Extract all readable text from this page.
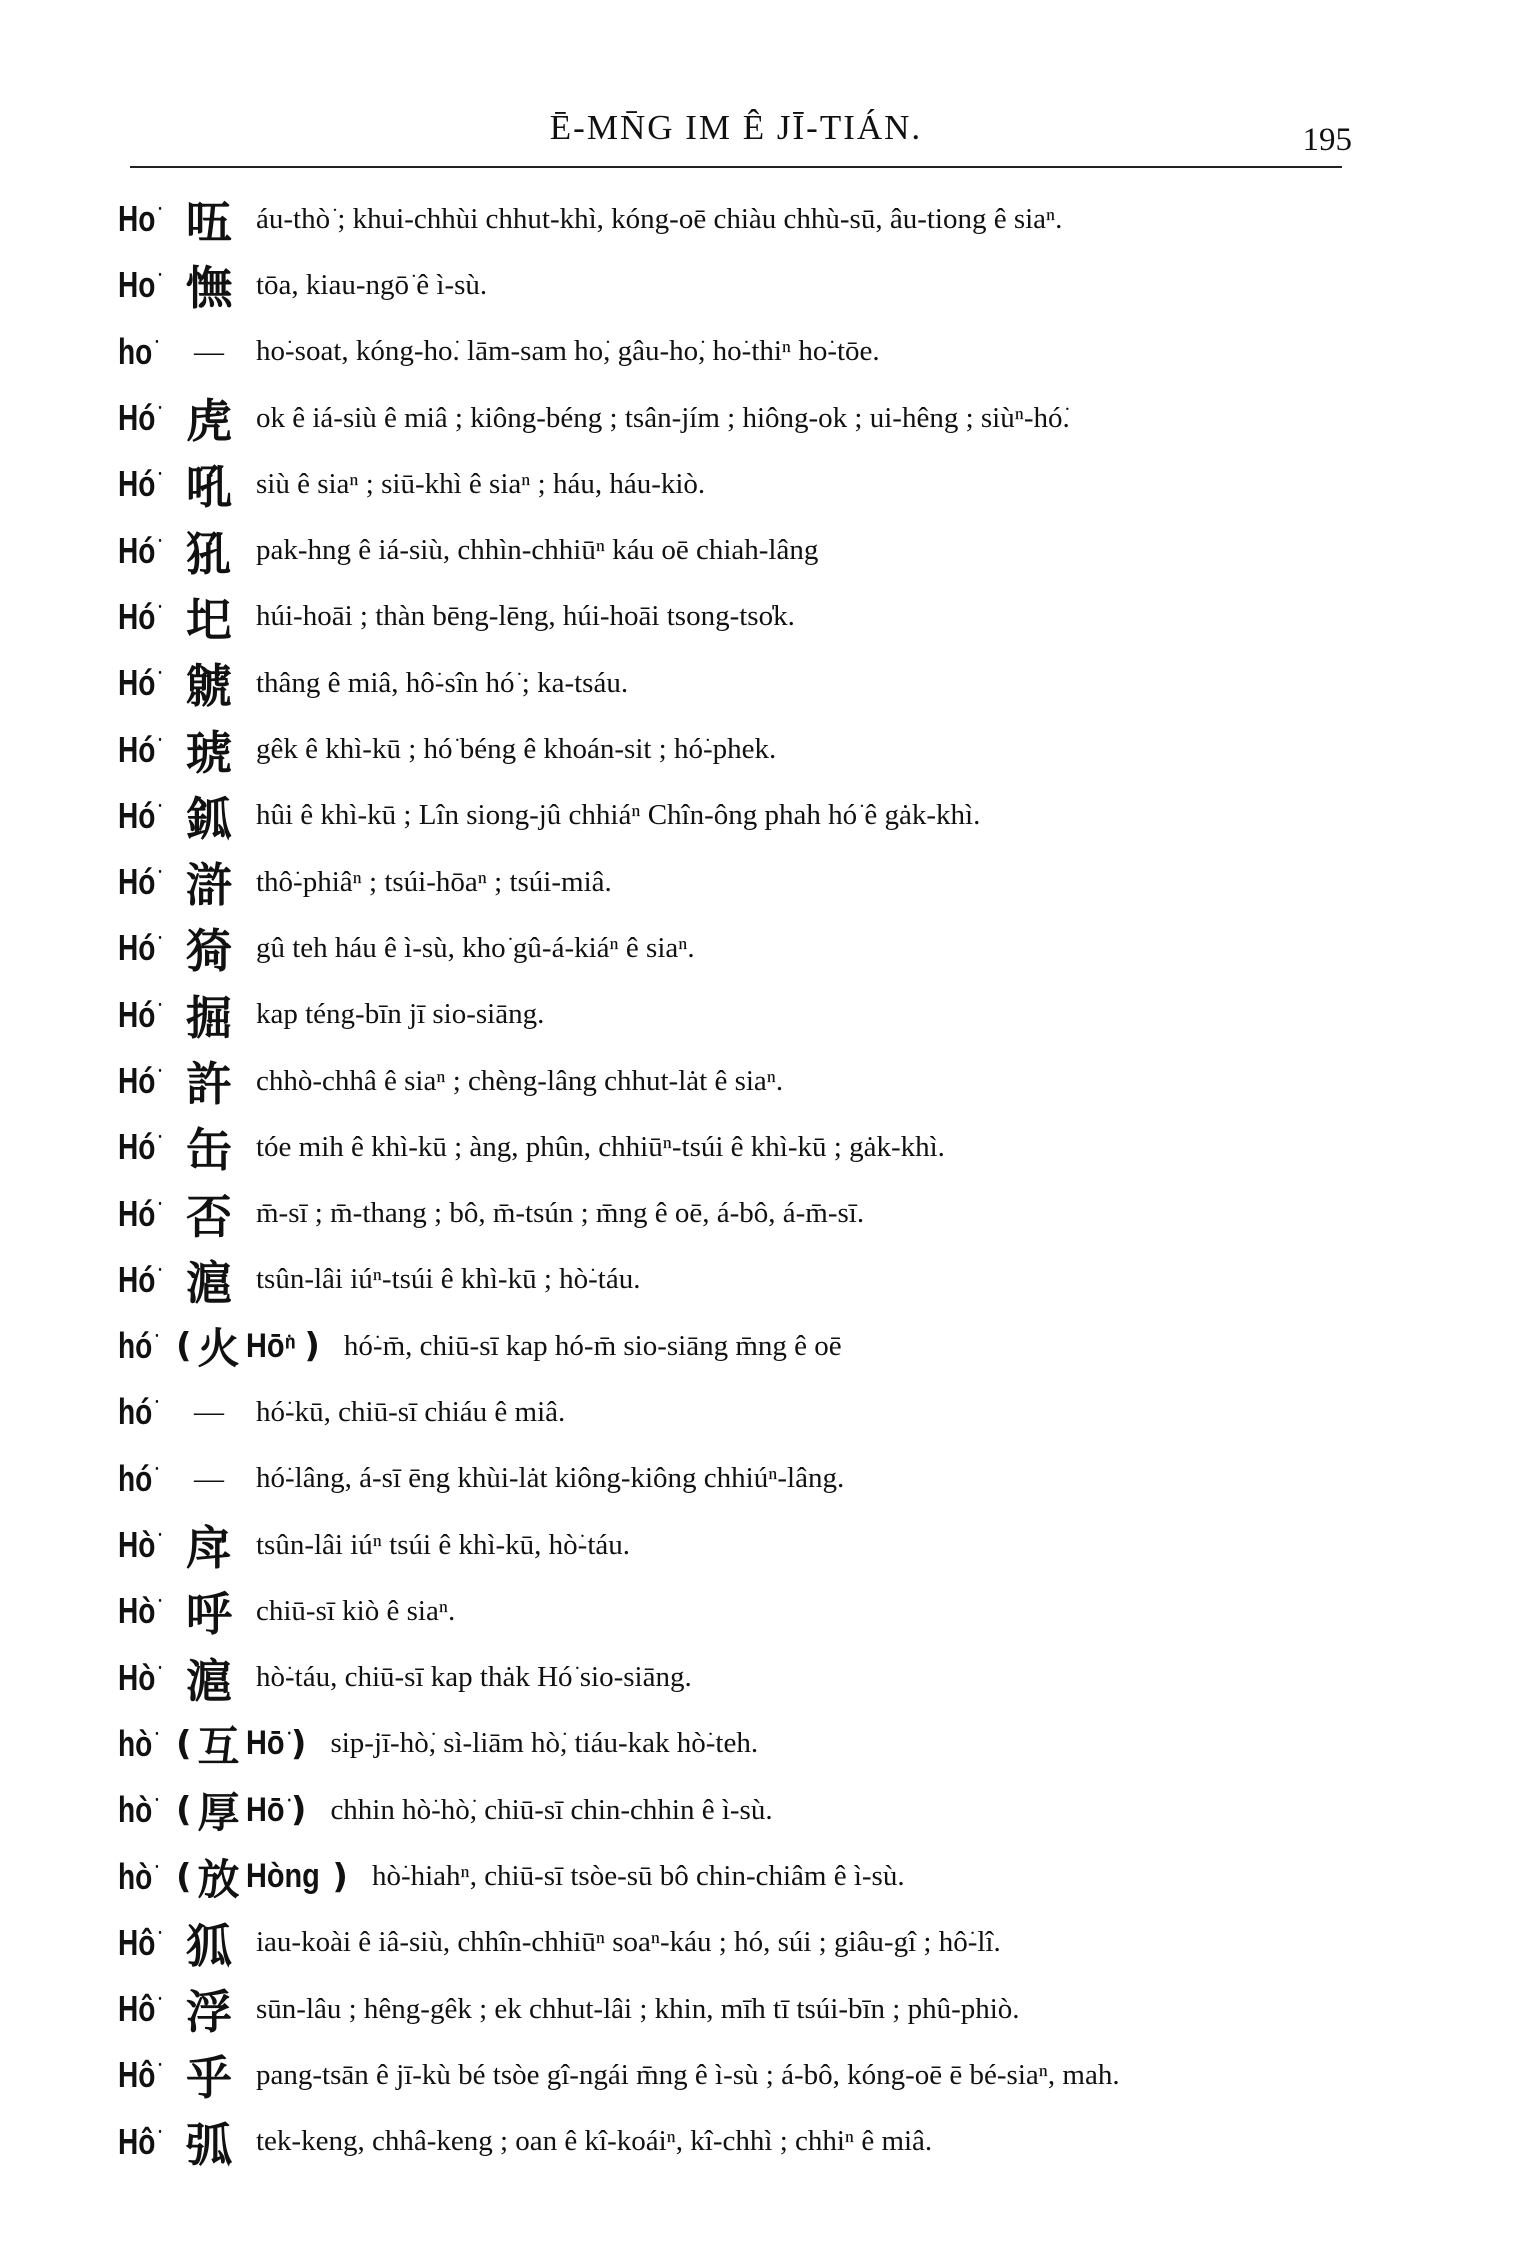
Ē-MN̄G IM Ê JĪ-TIÁN.	195
Ho͘ 㕶 áu-thò͘ ; khui-chhùi chhut-khì, kóng-oē chiàu chhù-sū, âu-tiong ê siaⁿ.
Ho͘ 憮 tōa, kiau-ngō͘ ê ì-sù.
ho͘	—	ho͘-soat, kóng-ho͘. lām-sam ho͘, gâu-ho͘, ho͘-thiⁿ ho͘-tōe.
Hó͘ 虎 ok ê iá-siù ê miâ ; kiông-béng ; tsân-jím ; hiông-ok ; ui-hêng ; siùⁿ-hó͘.
Hó͘ 吼 siù ê siaⁿ ; siū-khì ê siaⁿ ; háu, háu-kiò.
Hó͘ 犼 pak-hng ê iá-siù, chhìn-chhiūⁿ káu oē chiah-lâng
Hó͘ 圯 húi-hoāi ; thàn bēng-lēng, húi-hoāi tsong-tso̍k.
Hó͘ 虩 thâng ê miâ, hô͘-sîn hó͘ ; ka-tsáu.
Hó͘ 琥 gêk ê khì-kū ; hó͘ béng ê khoán-sit ; hó͘-phek.
Hó͘ 鈲 hûi ê khì-kū ; Lîn siong-jû chhiáⁿ Chîn-ông phah hó͘ ê gȧk-khì.
Hó͘ 滸 thô͘-phiâⁿ ; tsúi-hōaⁿ ; tsúi-miâ.
Hó͘ 猗 gû teh háu ê ì-sù, kho͘ gû-á-kiáⁿ ê siaⁿ.
Hó͘ 掘 kap téng-bīn jī sio-siāng.
Hó͘ 許 chhò-chhâ ê siaⁿ ; chèng-lâng chhut-lȧt ê siaⁿ.
Hó͘ 缶 tóe mih ê khì-kū ; àng, phûn, chhiūⁿ-tsúi ê khì-kū ; gȧk-khì.
Hó͘ 否 m̄-sī ; m̄-thang ; bô, m̄-tsún ; m̄ng ê oē, á-bô, á-m̄-sī.
Hó͘ 滬 tsûn-lâi iúⁿ-tsúi ê khì-kū ; hò͘-táu.
hó͘ ( 火 Hō͘ⁿ ) hó͘-m̄, chiū-sī kap hó-m̄ sio-siāng m̄ng ê oē
hó͘	—	hó͘-kū, chiū-sī chiáu ê miâ.
hó͘	—	hó͘-lâng, á-sī ēng khùi-lȧt kiông-kiông chhiúⁿ-lâng.
Hò͘ 戽 tsûn-lâi iúⁿ tsúi ê khì-kū, hò͘-táu.
Hò͘ 呼 chiū-sī kiò ê siaⁿ.
Hò͘ 滬 hò͘-táu, chiū-sī kap thȧk Hó͘ sio-siāng.
hò͘ ( 互 Hō͘ ) sip-jī-hò͘, sì-liām hò͘, tiáu-kak hò͘-teh.
hò͘ ( 厚 Hō͘ ) chhin hò͘-hò͘, chiū-sī chin-chhin ê ì-sù.
hò͘ ( 放 Hòng ) hò͘-hiahⁿ, chiū-sī tsòe-sū bô chin-chiâm ê ì-sù.
Hô͘ 狐 iau-koài ê iâ-siù, chhîn-chhiūⁿ soaⁿ-káu ; hó, súi ; giâu-gî ; hô͘-lî.
Hô͘ 浮 sūn-lâu ; hêng-gêk ; ek chhut-lâi ; khin, mīh tī tsúi-bīn ; phû-phiò.
Hô͘ 乎 pang-tsān ê jī-kù bé tsòe gî-ngái m̄ng ê ì-sù ; á-bô, kóng-oē ē bé-siaⁿ, mah.
Hô͘ 弧 tek-keng, chhâ-keng ; oan ê kî-koáiⁿ, kî-chhì ; chhiⁿ ê miâ.
